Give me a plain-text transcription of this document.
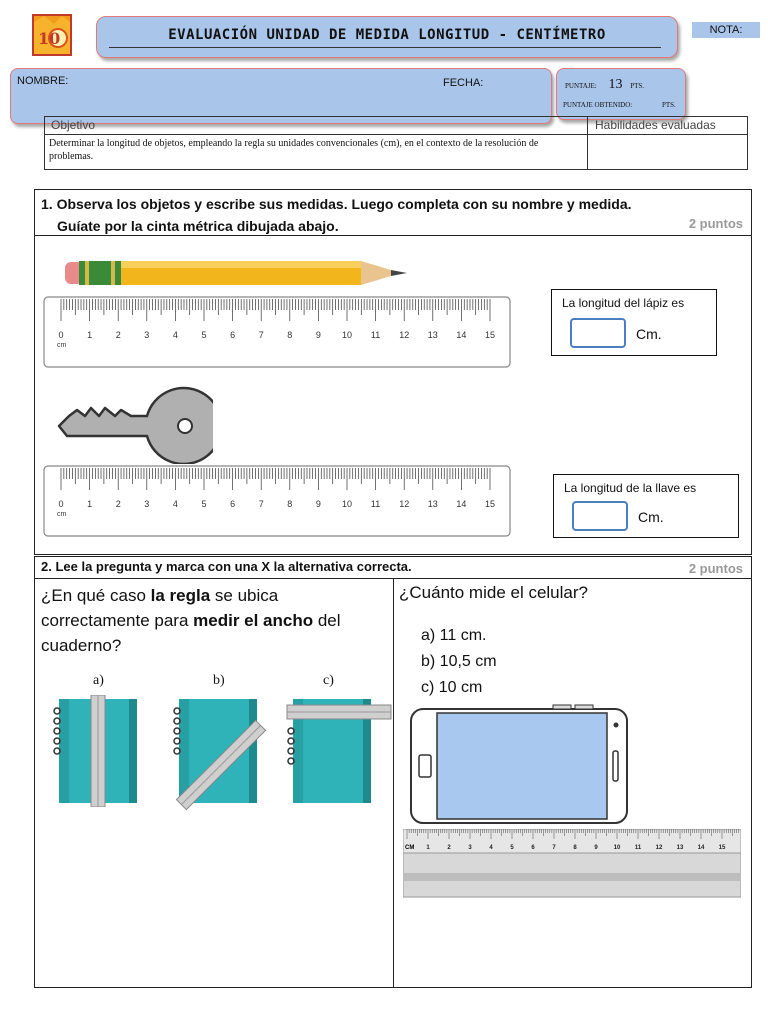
10	EVALUACIÓN UNIDAD DE MEDIDA LONGITUD - CENTÍMETRO	NOTA:
NOMBRE:	FECHA:	PUNTAJE: 13 PTS.
PUNTAJE OBTENIDO:	PTS.
Objetivo	Habilidades evaluadas
Determinar la longitud de objetos, empleando la regla su unidades convencionales (cm), en el contexto de la resolución de problemas.
1. Observa los objetos y escribe sus medidas. Luego completa con su nombre y medida.
Guíate por la cinta métrica dibujada abajo.	2 puntos
0	1	2	3	4	5	6	7	8	9 10 11 12 13 14 15
cm
La longitud del lápiz es
Cm.
0	1	2	3	4	5	6	7	8	9 10 11 12 13 14 15
cm
La longitud de la llave es
Cm.
2. Lee la pregunta y marca con una X la alternativa correcta.	2 puntos
¿En qué caso la regla se ubica correctamente para medir el ancho del cuaderno?
a)	b)	c)
¿Cuánto mide el celular?
a) 11 cm.
b) 10,5 cm
c) 10 cm
1	2	3	4	5	6	7	8	9	10 11 12 13 14 15
CM
